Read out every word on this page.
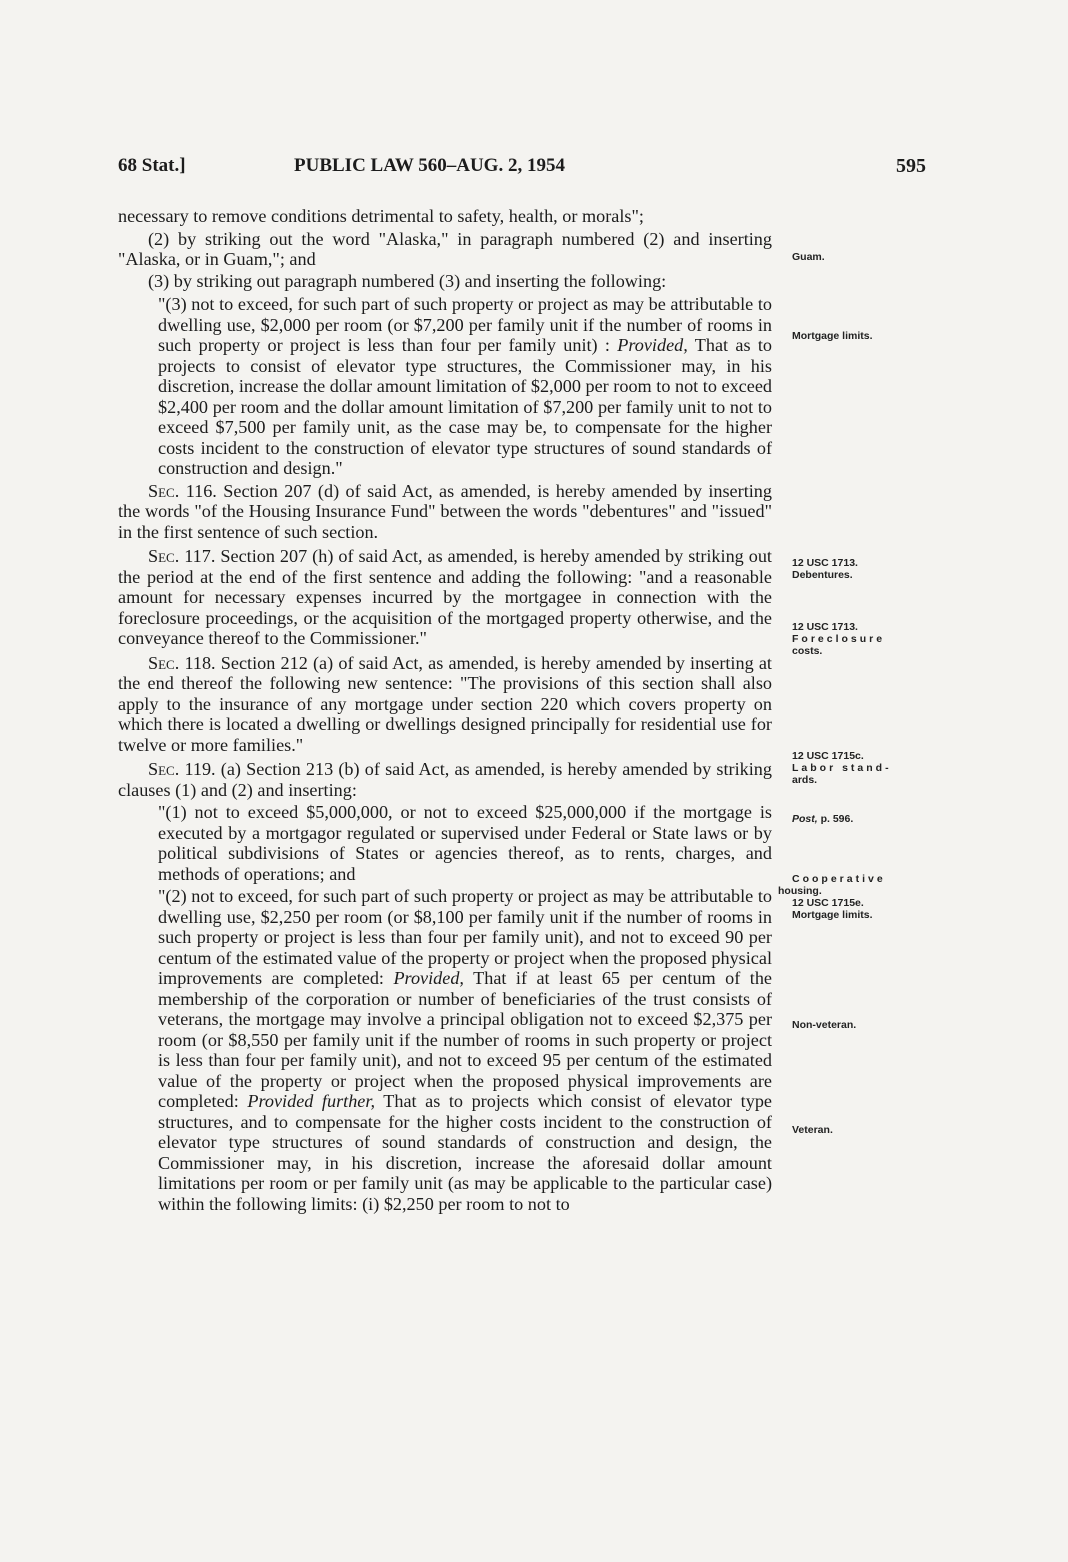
68 Stat.]	PUBLIC LAW 560–AUG. 2, 1954	595

necessary to remove conditions detrimental to safety, health, or morals";

(2) by striking out the word "Alaska," in paragraph numbered (2) and inserting "Alaska, or in Guam,"; and

(3) by striking out paragraph numbered (3) and inserting the following:

"(3) not to exceed, for such part of such property or project as may be attributable to dwelling use, $2,000 per room (or $7,200 per family unit if the number of rooms in such property or project is less than four per family unit) : Provided, That as to projects to consist of elevator type structures, the Commissioner may, in his discretion, increase the dollar amount limitation of $2,000 per room to not to exceed $2,400 per room and the dollar amount limitation of $7,200 per family unit to not to exceed $7,500 per family unit, as the case may be, to compensate for the higher costs incident to the construction of elevator type structures of sound standards of construction and design."

Sec. 116. Section 207 (d) of said Act, as amended, is hereby amended by inserting the words "of the Housing Insurance Fund" between the words "debentures" and "issued" in the first sentence of such section.

Sec. 117. Section 207 (h) of said Act, as amended, is hereby amended by striking out the period at the end of the first sentence and adding the following: "and a reasonable amount for necessary expenses incurred by the mortgagee in connection with the foreclosure proceedings, or the acquisition of the mortgaged property otherwise, and the conveyance thereof to the Commissioner."

Sec. 118. Section 212 (a) of said Act, as amended, is hereby amended by inserting at the end thereof the following new sentence: "The provisions of this section shall also apply to the insurance of any mortgage under section 220 which covers property on which there is located a dwelling or dwellings designed principally for residential use for twelve or more families."

Sec. 119. (a) Section 213 (b) of said Act, as amended, is hereby amended by striking clauses (1) and (2) and inserting:

"(1) not to exceed $5,000,000, or not to exceed $25,000,000 if the mortgage is executed by a mortgagor regulated or supervised under Federal or State laws or by political subdivisions of States or agencies thereof, as to rents, charges, and methods of operations; and

"(2) not to exceed, for such part of such property or project as may be attributable to dwelling use, $2,250 per room (or $8,100 per family unit if the number of rooms in such property or project is less than four per family unit), and not to exceed 90 per centum of the estimated value of the property or project when the proposed physical improvements are completed: Provided, That if at least 65 per centum of the membership of the corporation or number of beneficiaries of the trust consists of veterans, the mortgage may involve a principal obligation not to exceed $2,375 per room (or $8,550 per family unit if the number of rooms in such property or project is less than four per family unit), and not to exceed 95 per centum of the estimated value of the property or project when the proposed physical improvements are completed: Provided further, That as to projects which consist of elevator type structures, and to compensate for the higher costs incident to the construction of elevator type structures of sound standards of construction and design, the Commissioner may, in his discretion, increase the aforesaid dollar amount limitations per room or per family unit (as may be applicable to the particular case) within the following limits: (i) $2,250 per room to not to

Guam.
Mortgage limits.
12 USC 1713.
Debentures.
12 USC 1713.
Foreclosure
costs.
12 USC 1715c.
Labor stand-
ards.
Post, p. 596.
Cooperative
housing.
12 USC 1715e.
Mortgage limits.
Non-veteran.
Veteran.
